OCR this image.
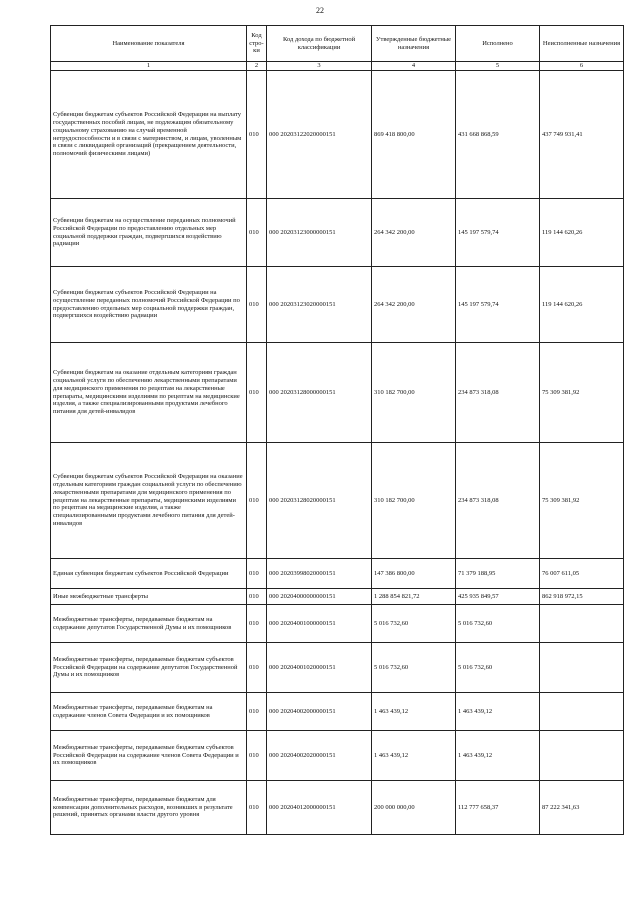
22
Наименование показателя	Код стро- ки	Код дохода по бюджетной классификации	Утвержденные бюджетные назначения	Исполнено	Неисполненные назначения
1	2	3	4	5	6
Субвенции бюджетам субъектов Российской Федерации на выплату государственных пособий лицам, не подлежащим обязательному социальному страхованию на случай временной нетрудоспособности и в связи с материнством, и лицам, уволенным в связи с ликвидацией организаций (прекращением деятельности, полномочий физическими лицами)	010	000 20203122020000151	869 418 800,00	431 668 868,59	437 749 931,41
Субвенции бюджетам на осуществление переданных полномочий Российской Федерации по предоставлению отдельных мер социальной поддержки граждан, подвергшихся воздействию радиации	010	000 20203123000000151	264 342 200,00	145 197 579,74	119 144 620,26
Субвенции бюджетам субъектов Российской Федерации на осуществление переданных полномочий Российской Федерации по предоставлению отдельных мер социальной поддержки граждан, подвергшихся воздействию радиации	010	000 20203123020000151	264 342 200,00	145 197 579,74	119 144 620,26
Субвенции бюджетам на оказание отдельным категориям граждан социальной услуги по обеспечению лекарственными препаратами для медицинского применения по рецептам на лекарственные препараты, медицинскими изделиями по рецептам на медицинские изделия, а также специализированными продуктами лечебного питания для детей-инвалидов	010	000 20203128000000151	310 182 700,00	234 873 318,08	75 309 381,92
Субвенции бюджетам субъектов Российской Федерации на оказание отдельным категориям граждан социальной услуги по обеспечению лекарственными препаратами для медицинского применения по рецептам на лекарственные препараты, медицинскими изделиями по рецептам на медицинские изделия, а также специализированными продуктами лечебного питания для детей-инвалидов	010	000 20203128020000151	310 182 700,00	234 873 318,08	75 309 381,92
Единая субвенция бюджетам субъектов Российской Федерации	010	000 20203998020000151	147 386 800,00	71 379 188,95	76 007 611,05
Иные межбюджетные трансферты	010	000 20204000000000151	1 288 854 821,72	425 935 849,57	862 918 972,15
Межбюджетные трансферты, передаваемые бюджетам на содержание депутатов Государственной Думы и их помощников	010	000 20204001000000151	5 016 732,60	5 016 732,60	
Межбюджетные трансферты, передаваемые бюджетам субъектов Российской Федерации на содержание депутатов Государственной Думы и их помощников	010	000 20204001020000151	5 016 732,60	5 016 732,60	
Межбюджетные трансферты, передаваемые бюджетам на содержание членов Совета Федерации и их помощников	010	000 20204002000000151	1 463 439,12	1 463 439,12	
Межбюджетные трансферты, передаваемые бюджетам субъектов Российской Федерации на содержание членов Совета Федерации и их помощников	010	000 20204002020000151	1 463 439,12	1 463 439,12	
Межбюджетные трансферты, передаваемые бюджетам для компенсации дополнительных расходов, возникших в результате решений, принятых органами власти другого уровня	010	000 20204012000000151	200 000 000,00	112 777 658,37	87 222 341,63
